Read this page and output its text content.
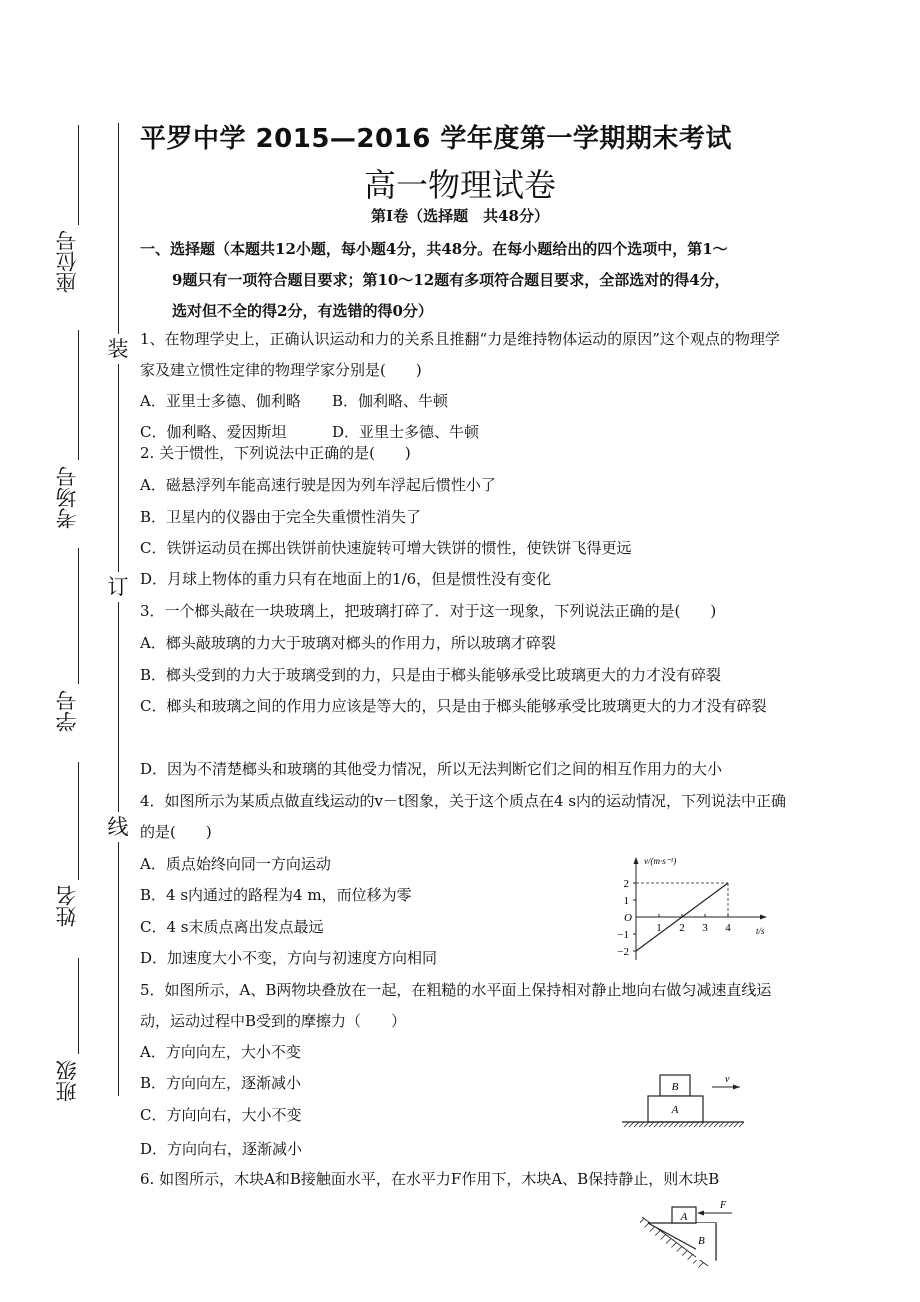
座位号
考场号
学号
姓名
班级
装
订
线
平罗中学 2015—2016 学年度第一学期期末考试
高一物理试卷
第Ⅰ卷（选择题　共48分）
一、选择题（本题共12小题，每小题4分，共48分。在每小题给出的四个选项中，第1～
9题只有一项符合题目要求；第10～12题有多项符合题目要求，全部选对的得4分，
选对但不全的得2分，有选错的得0分）
1、在物理学史上，正确认识运动和力的关系且推翻“力是维持物体运动的原因”这个观点的物理学家及建立惯性定律的物理学家分别是(　　)
A．亚里士多德、伽利略 B．伽利略、牛顿
C．伽利略、爱因斯坦	D．亚里士多德、牛顿
2. 关于惯性，下列说法中正确的是(　　)
A．磁悬浮列车能高速行驶是因为列车浮起后惯性小了
B．卫星内的仪器由于完全失重惯性消失了
C．铁饼运动员在掷出铁饼前快速旋转可增大铁饼的惯性，使铁饼飞得更远
D．月球上物体的重力只有在地面上的1/6，但是惯性没有变化
3．一个榔头敲在一块玻璃上，把玻璃打碎了．对于这一现象，下列说法正确的是(　　)
A．榔头敲玻璃的力大于玻璃对榔头的作用力，所以玻璃才碎裂
B．榔头受到的力大于玻璃受到的力，只是由于榔头能够承受比玻璃更大的力才没有碎裂
C．榔头和玻璃之间的作用力应该是等大的，只是由于榔头能够承受比玻璃更大的力才没有碎裂
D．因为不清楚榔头和玻璃的其他受力情况，所以无法判断它们之间的相互作用力的大小
4．如图所示为某质点做直线运动的v－t图象，关于这个质点在4 s内的运动情况，下列说法中正确的是(　　)
A．质点始终向同一方向运动
B．4 s内通过的路程为4 m，而位移为零
C．4 s末质点离出发点最远
D．加速度大小不变，方向与初速度方向相同
v/(m·s⁻¹)
t/s
O
2
1
−1
−2
1 2 3 4
5．如图所示，A、B两物块叠放在一起，在粗糙的水平面上保持相对静止地向右做匀减速直线运动，运动过程中B受到的摩擦力（　　）
A．方向向左，大小不变
B．方向向左，逐渐减小
C．方向向右，大小不变
D．方向向右，逐渐减小
B
A
v
6. 如图所示，木块A和B接触面水平，在水平力F作用下，木块A、B保持静止，则木块B
B
A
F
